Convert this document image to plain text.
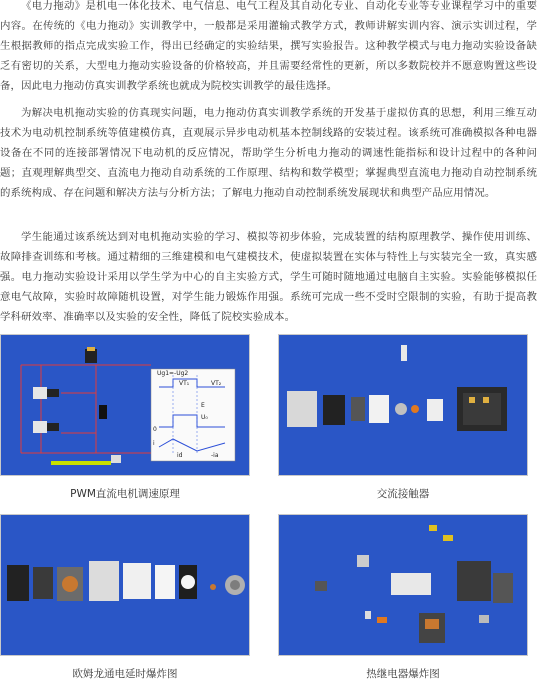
《电力拖动》是机电一体化技术、电气信息、电气工程及其自动化专业、自动化专业等专业课程学习中的重要内容。在传统的《电力拖动》实训教学中，一般都是采用灌输式教学方式，教师讲解实训内容、演示实训过程，学生根据教师的指点完成实验工作，得出已经确定的实验结果，撰写实验报告。这种教学模式与电力拖动实验设备缺乏有密切的关系，大型电力拖动实验设备的价格较高，并且需要经常性的更新，所以多数院校并不愿意购置这些设备，因此电力拖动仿真实训教学系统也就成为院校实训教学的最佳选择。
为解决电机拖动实验的仿真现实问题，电力拖动仿真实训教学系统的开发基于虚拟仿真的思想，利用三维互动技术为电动机控制系统等值建模仿真，直观展示异步电动机基本控制线路的安装过程。该系统可准确模拟各种电器设备在不同的连接部署情况下电动机的反应情况，帮助学生分析电力拖动的调速性能指标和设计过程中的各种问题；直观理解典型交、直流电力拖动自动系统的工作原理、结构和数学模型；掌握典型直流电力拖动自动控制系统的系统构成、存在问题和解决方法与分析方法；了解电力拖动自动控制系统发展现状和典型产品应用情况。
学生能通过该系统达到对电机拖动实验的学习、模拟等初步体验，完成装置的结构原理教学、操作使用训练、故障排查训练和考核。通过精细的三维建模和电气建模技术，使虚拟装置在实体与特性上与实装完全一致，真实感强。电力拖动实验设计采用以学生学为中心的自主实验方式，学生可随时随地通过电脑自主实验。实验能够模拟任意电气故障，实验时故障随机设置，对学生能力锻炼作用强。系统可完成一些不受时空限制的实验，有助于提高教学科研效率、准确率以及实验的安全性，降低了院校实验成本。
Ug1=-Ug2
VT₁	VT₂
E
U₀
0
i
id	-ia
PWM直流电机调速原理	交流接触器
欧姆龙通电延时爆炸图	热继电器爆炸图
